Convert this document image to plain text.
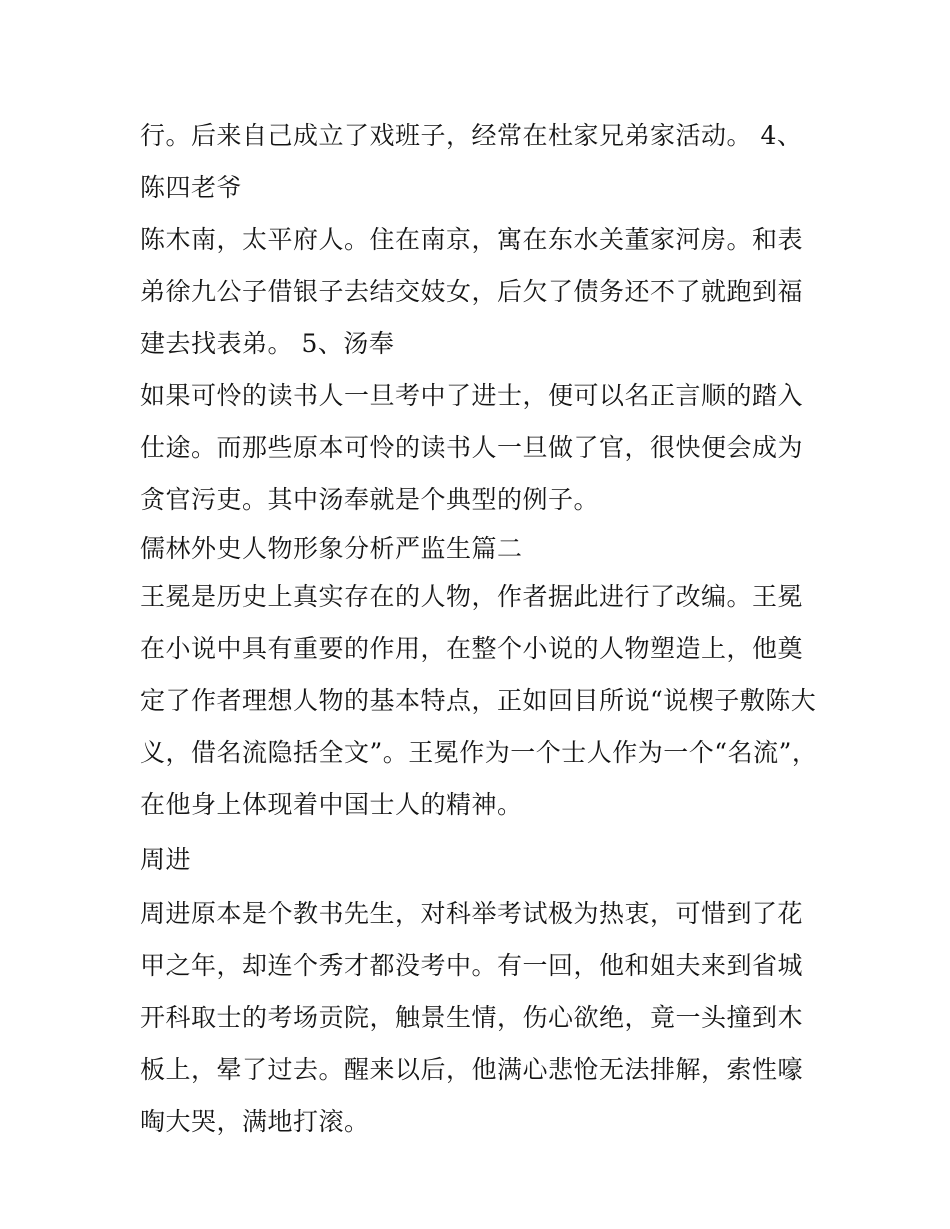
行。后来自己成立了戏班子，经常在杜家兄弟家活动。 4、陈四老爷

陈木南，太平府人。住在南京，寓在东水关董家河房。和表弟徐九公子借银子去结交妓女，后欠了债务还不了就跑到福建去找表弟。 5、汤奉

如果可怜的读书人一旦考中了进士，便可以名正言顺的踏入仕途。而那些原本可怜的读书人一旦做了官，很快便会成为贪官污吏。其中汤奉就是个典型的例子。

儒林外史人物形象分析严监生篇二

王冕是历史上真实存在的人物，作者据此进行了改编。王冕在小说中具有重要的作用，在整个小说的人物塑造上，他奠定了作者理想人物的基本特点，正如回目所说“说楔子敷陈大义，借名流隐括全文”。王冕作为一个士人作为一个“名流”，在他身上体现着中国士人的精神。

周进

周进原本是个教书先生，对科举考试极为热衷，可惜到了花甲之年，却连个秀才都没考中。有一回，他和姐夫来到省城开科取士的考场贡院，触景生情，伤心欲绝，竟一头撞到木板上，晕了过去。醒来以后，他满心悲怆无法排解，索性嚎啕大哭，满地打滚。
